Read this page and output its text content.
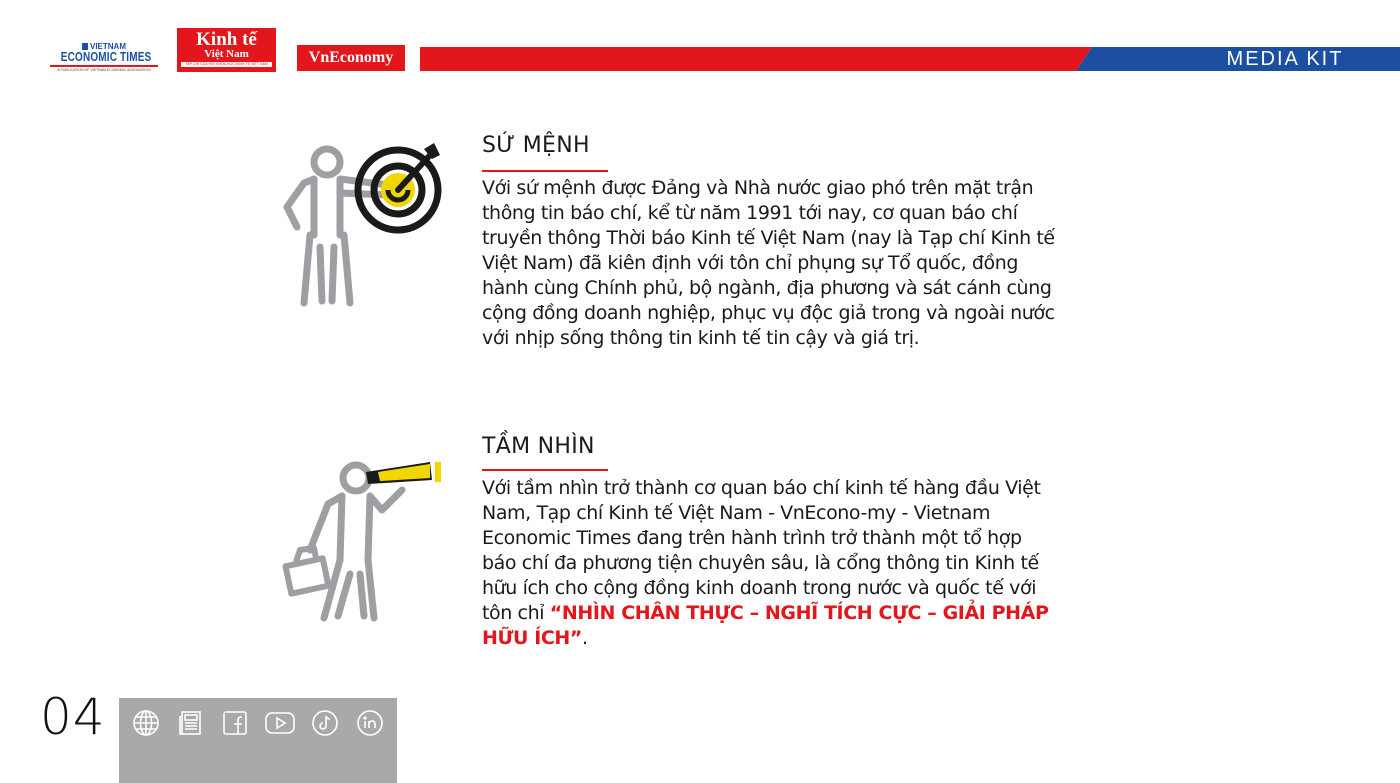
VIETNAM
ECONOMIC TIMES
A PUBLICATION OF VIETNAM ECONOMIC ASSOCIATION
Kinh tế
Việt Nam
TẠP CHÍ CỦA HỘI KHOA HỌC KINH TẾ VIỆT NAM	VnEconomy	MEDIA KIT
SỨ MỆNH
Với sứ mệnh được Đảng và Nhà nước giao phó trên mặt trận thông tin báo chí, kể từ năm 1991 tới nay, cơ quan báo chí truyền thông Thời báo Kinh tế Việt Nam (nay là Tạp chí Kinh tế Việt Nam) đã kiên định với tôn chỉ phụng sự Tổ quốc, đồng hành cùng Chính phủ, bộ ngành, địa phương và sát cánh cùng cộng đồng doanh nghiệp, phục vụ độc giả trong và ngoài nước với nhịp sống thông tin kinh tế tin cậy và giá trị.
TẦM NHÌN
Với tầm nhìn trở thành cơ quan báo chí kinh tế hàng đầu Việt Nam, Tạp chí Kinh tế Việt Nam - VnEcono-my - Vietnam Economic Times đang trên hành trình trở thành một tổ hợp báo chí đa phương tiện chuyên sâu, là cổng thông tin Kinh tế hữu ích cho cộng đồng kinh doanh trong nước và quốc tế với tôn chỉ “NHÌN CHÂN THỰC – NGHĨ TÍCH CỰC – GIẢI PHÁP HỮU ÍCH”.
04
